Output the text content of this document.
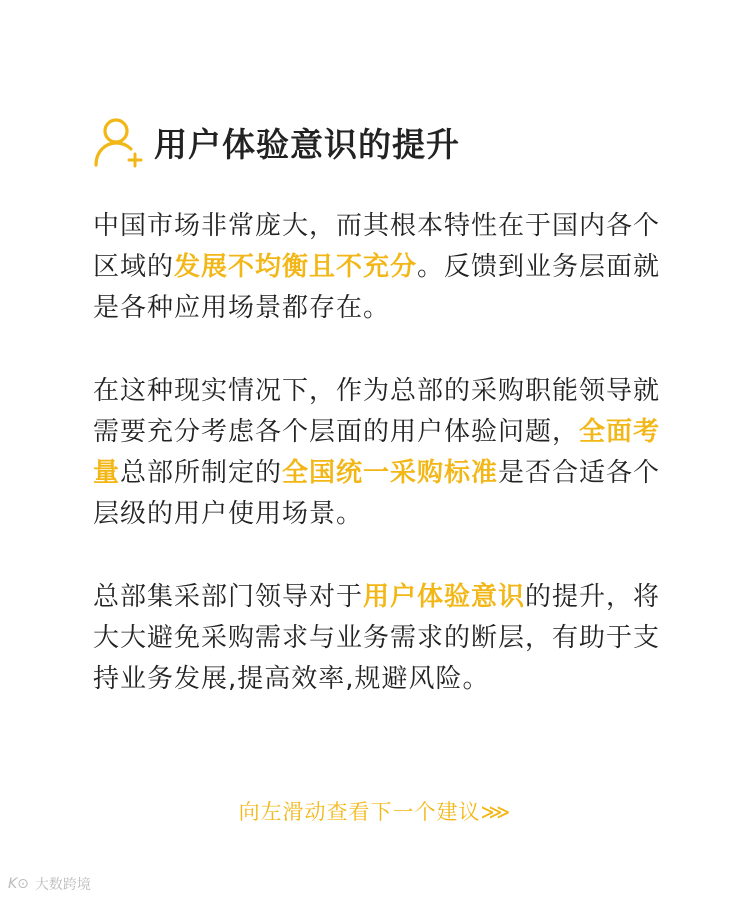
用户体验意识的提升

中国市场非常庞大，而其根本特性在于国内各个区域的发展不均衡且不充分。反馈到业务层面就是各种应用场景都存在。

在这种现实情况下，作为总部的采购职能领导就需要充分考虑各个层面的用户体验问题，全面考量总部所制定的全国统一采购标准是否合适各个层级的用户使用场景。

总部集采部门领导对于用户体验意识的提升，将大大避免采购需求与业务需求的断层，有助于支持业务发展,提高效率,规避风险。

向左滑动查看下一个建议⋙
K⊙ 大数跨境
